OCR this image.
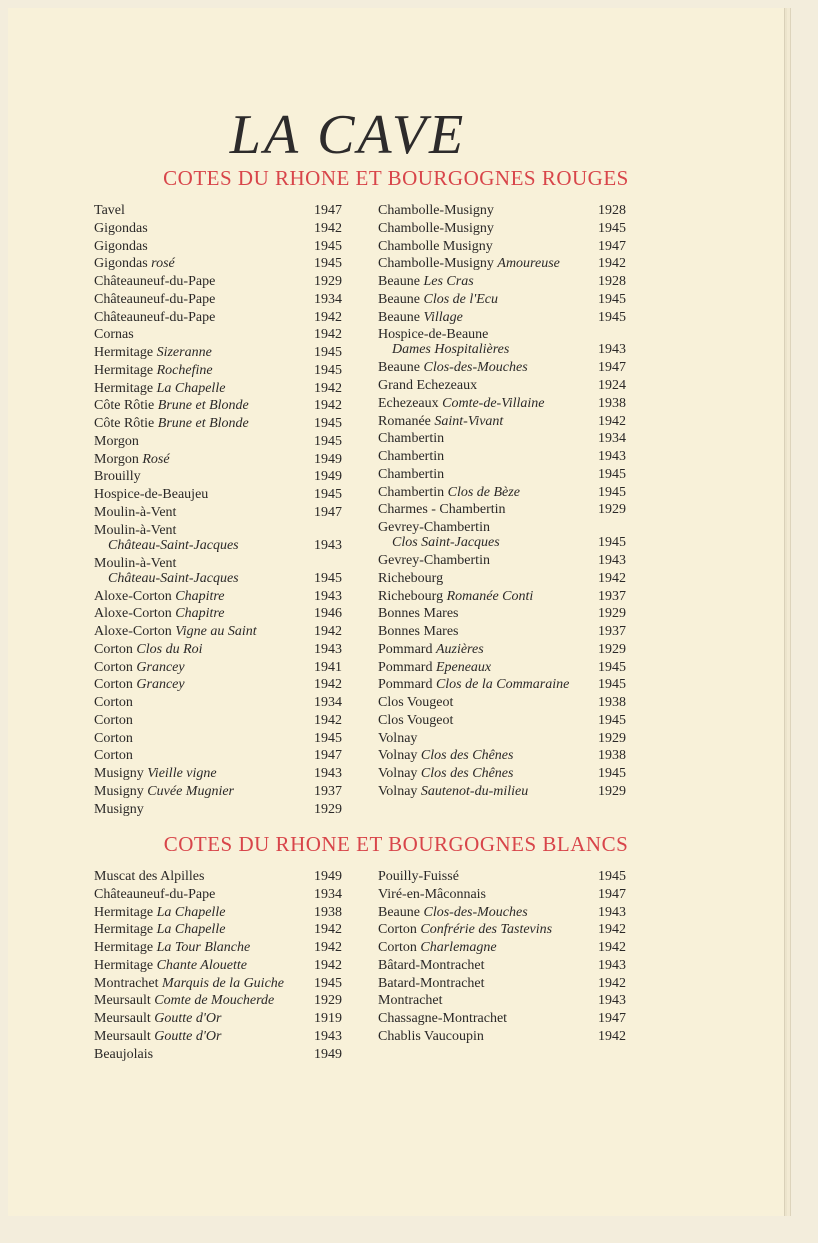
LA CAVE
COTES DU RHONE ET BOURGOGNES ROUGES
Tavel	1947
Gigondas	1942
Gigondas	1945
Gigondas rosé	1945
Châteauneuf-du-Pape	1929
Châteauneuf-du-Pape	1934
Châteauneuf-du-Pape	1942
Cornas	1942
Hermitage Sizeranne	1945
Hermitage Rochefine	1945
Hermitage La Chapelle	1942
Côte Rôtie Brune et Blonde	1942
Côte Rôtie Brune et Blonde	1945
Morgon	1945
Morgon Rosé	1949
Brouilly	1949
Hospice-de-Beaujeu	1945
Moulin-à-Vent	1947
Moulin-à-Vent
Château-Saint-Jacques	1943
Moulin-à-Vent
Château-Saint-Jacques	1945
Aloxe-Corton Chapitre	1943
Aloxe-Corton Chapitre	1946
Aloxe-Corton Vigne au Saint	1942
Corton Clos du Roi	1943
Corton Grancey	1941
Corton Grancey	1942
Corton	1934
Corton	1942
Corton	1945
Corton	1947
Musigny Vieille vigne	1943
Musigny Cuvée Mugnier	1937
Musigny	1929
Chambolle-Musigny	1928
Chambolle-Musigny	1945
Chambolle Musigny	1947
Chambolle-Musigny Amoureuse	1942
Beaune Les Cras	1928
Beaune Clos de l'Ecu	1945
Beaune Village	1945
Hospice-de-Beaune
Dames Hospitalières	1943
Beaune Clos-des-Mouches	1947
Grand Echezeaux	1924
Echezeaux Comte-de-Villaine	1938
Romanée Saint-Vivant	1942
Chambertin	1934
Chambertin	1943
Chambertin	1945
Chambertin Clos de Bèze	1945
Charmes - Chambertin	1929
Gevrey-Chambertin
Clos Saint-Jacques	1945
Gevrey-Chambertin	1943
Richebourg	1942
Richebourg Romanée Conti	1937
Bonnes Mares	1929
Bonnes Mares	1937
Pommard Auzières	1929
Pommard Epeneaux	1945
Pommard Clos de la Commaraine 1945
Clos Vougeot	1938
Clos Vougeot	1945
Volnay	1929
Volnay Clos des Chênes	1938
Volnay Clos des Chênes	1945
Volnay Sautenot-du-milieu	1929
COTES DU RHONE ET BOURGOGNES BLANCS
Muscat des Alpilles	1949
Châteauneuf-du-Pape	1934
Hermitage La Chapelle	1938
Hermitage La Chapelle	1942
Hermitage La Tour Blanche	1942
Hermitage Chante Alouette	1942
Montrachet Marquis de la Guiche 1945
Meursault Comte de Moucherde	1929
Meursault Goutte d'Or	1919
Meursault Goutte d'Or	1943
Beaujolais	1949
Pouilly-Fuissé	1945
Viré-en-Mâconnais	1947
Beaune Clos-des-Mouches	1943
Corton Confrérie des Tastevins	1942
Corton Charlemagne	1942
Bâtard-Montrachet	1943
Batard-Montrachet	1942
Montrachet	1943
Chassagne-Montrachet	1947
Chablis Vaucoupin	1942
